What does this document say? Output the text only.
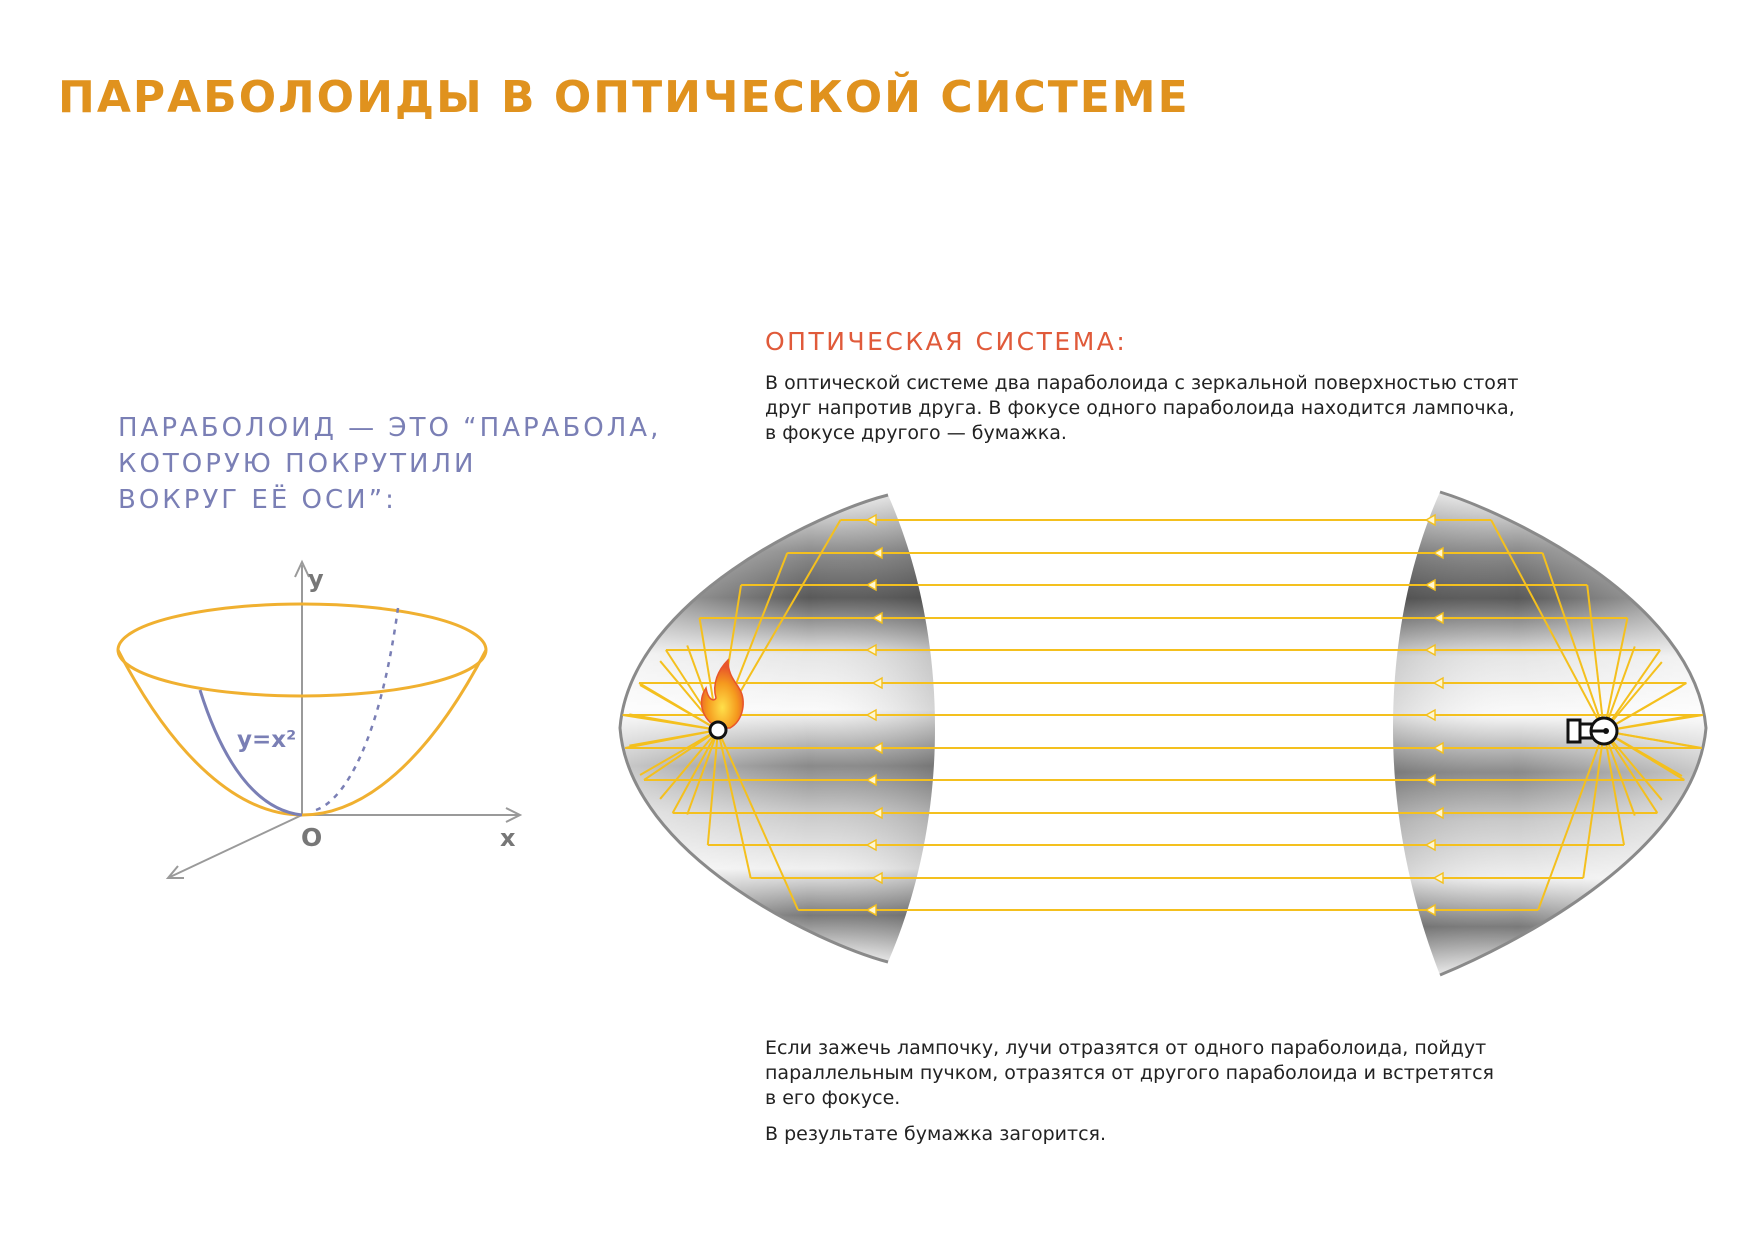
ПАРАБОЛОИДЫ В ОПТИЧЕСКОЙ СИСТЕМЕ
ПАРАБОЛОИД — ЭТО “ПАРАБОЛА,
КОТОРУЮ ПОКРУТИЛИ
ВОКРУГ ЕЁ ОСИ”:
ОПТИЧЕСКАЯ СИСТЕМА:
В оптической системе два параболоида с зеркальной поверхностью стоят
друг напротив друга. В фокусе одного параболоида находится лампочка,
в фокусе другого — бумажка.
Если зажечь лампочку, лучи отразятся от одного параболоида, пойдут
параллельным пучком, отразятся от другого параболоида и встретятся
в его фокусе.
В результате бумажка загорится.
y
x
O
y=x²
